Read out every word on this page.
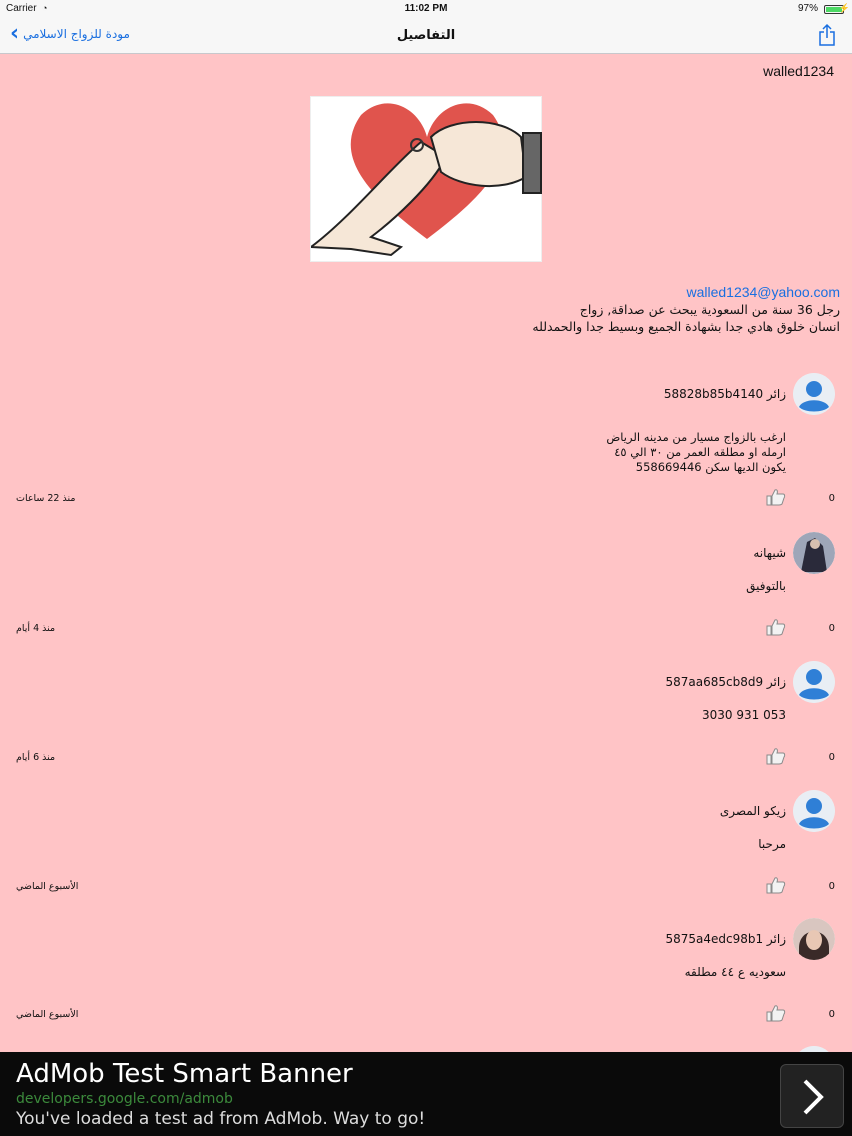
Carrier ◔	11:02 PM	97% ⚡
‹ مودة للزواج الاسلامي	التفاصيل
walled1234
walled1234@yahoo.com
رجل 36 سنة من السعودية يبحث عن صداقة, زواج
انسان خلوق هادي جدا بشهادة الجميع وبسيط جدا والحمدلله
زائر 58828b85b4140
ارغب بالزواج مسيار من مدينه الرياض
ارمله او مطلقه العمر من ٣٠ الي ٤٥
يكون الديها سكن 558669446
0
منذ 22 ساعات
شيهانه
بالتوفيق
0
منذ 4 أيام
زائر 587aa685cb8d9
053 931 3030
0
منذ 6 أيام
زيكو المصرى
مرحبا
0
الأسبوع الماضي
زائر 5875a4edc98b1
سعوديه ع ٤٤ مطلقه
0
الأسبوع الماضي
AdMob Test Smart Banner
developers.google.com/admob
You've loaded a test ad from AdMob. Way to go!
